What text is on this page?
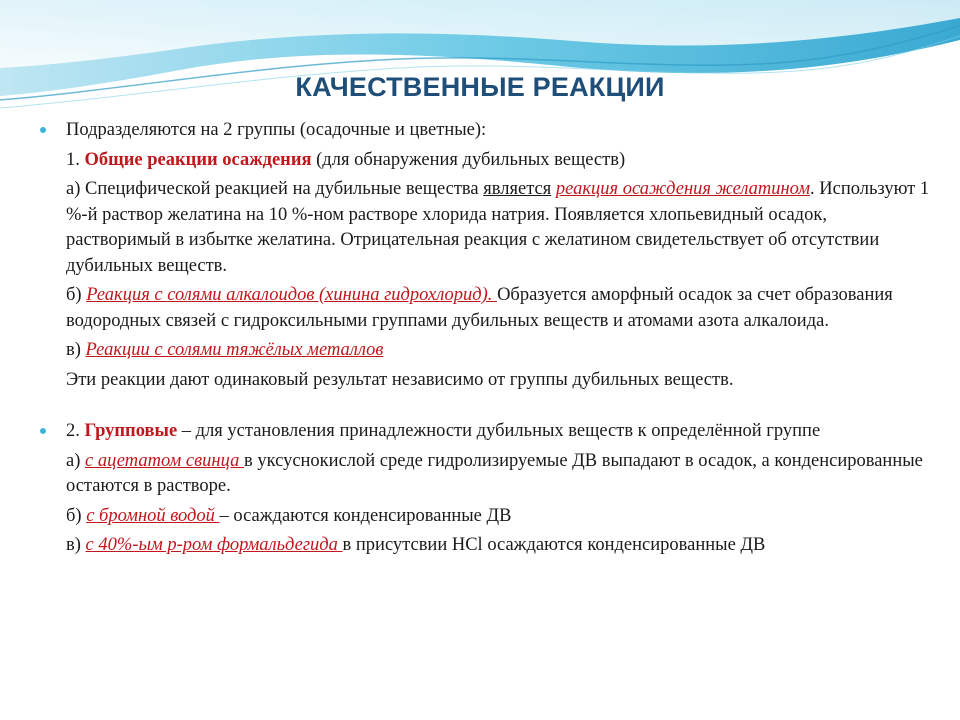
КАЧЕСТВЕННЫЕ РЕАКЦИИ
Подразделяются на 2 группы (осадочные и цветные):
1. Общие реакции осаждения (для обнаружения дубильных веществ)
а) Специфической реакцией на дубильные вещества является реакция осаждения желатином. Используют 1 %-й раствор желатина на 10 %-ном растворе хлорида натрия. Появляется хлопьевидный осадок, растворимый в избытке желатина. Отрицательная реакция с желатином свидетельствует об отсутствии дубильных веществ.
б) Реакция с солями алкалоидов (хинина гидрохлорид). Образуется аморфный осадок за счет образования водородных связей с гидроксильными группами дубильных веществ и атомами азота алкалоида.
в) Реакции с солями тяжёлых металлов
Эти реакции дают одинаковый результат независимо от группы дубильных веществ.
2. Групповые – для установления принадлежности дубильных веществ к определённой группе
а) с ацетатом свинца в уксуснокислой среде гидролизируемые ДВ выпадают в осадок, а конденсированные остаются в растворе.
б) с бромной водой – осаждаются конденсированные ДВ
в) с 40%-ым р-ром формальдегида в присутсвии НСl осаждаются конденсированные ДВ
